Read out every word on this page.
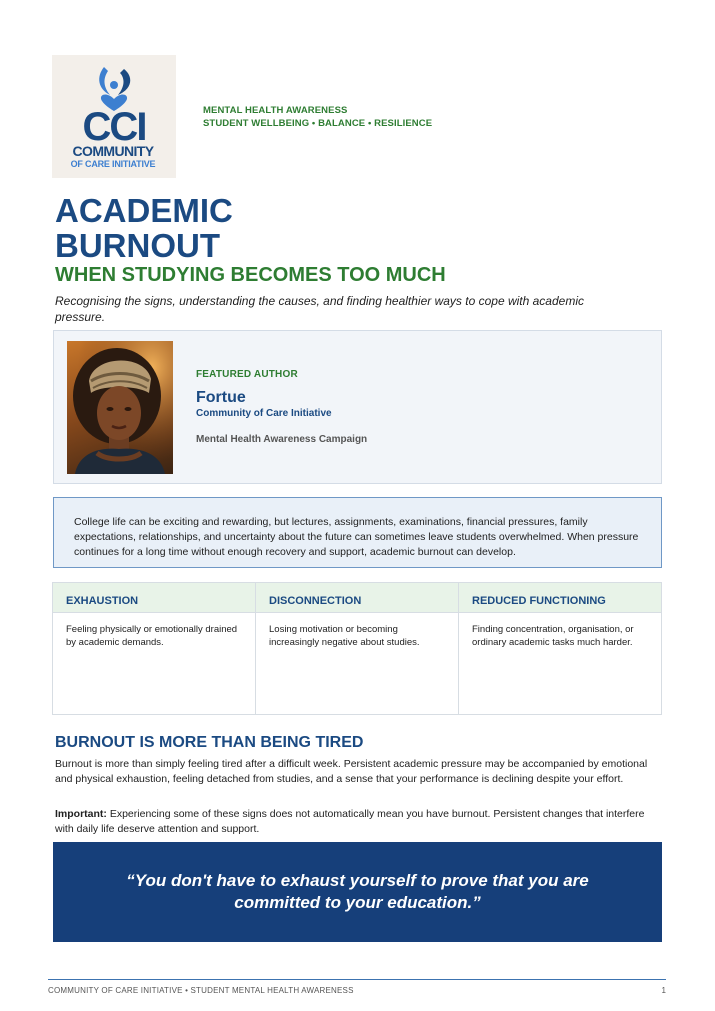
CCI
COMMUNITY
OF CARE INITIATIVE
MENTAL HEALTH AWARENESS
STUDENT WELLBEING • BALANCE • RESILIENCE
ACADEMIC
BURNOUT
WHEN STUDYING BECOMES TOO MUCH
Recognising the signs, understanding the causes, and finding healthier ways to cope with academic pressure.
FEATURED AUTHOR
Fortue
Community of Care Initiative
Mental Health Awareness Campaign
College life can be exciting and rewarding, but lectures, assignments, examinations, financial pressures, family expectations, relationships, and uncertainty about the future can sometimes leave students overwhelmed. When pressure continues for a long time without enough recovery and support, academic burnout can develop.
EXHAUSTION
Feeling physically or emotionally drained by academic demands.
DISCONNECTION
Losing motivation or becoming increasingly negative about studies.
REDUCED FUNCTIONING
Finding concentration, organisation, or ordinary academic tasks much harder.
BURNOUT IS MORE THAN BEING TIRED
Burnout is more than simply feeling tired after a difficult week. Persistent academic pressure may be accompanied by emotional and physical exhaustion, feeling detached from studies, and a sense that your performance is declining despite your effort.
Important: Experiencing some of these signs does not automatically mean you have burnout. Persistent changes that interfere with daily life deserve attention and support.
“You don't have to exhaust yourself to prove that you are committed to your education.”
COMMUNITY OF CARE INITIATIVE • STUDENT MENTAL HEALTH AWARENESS	1
